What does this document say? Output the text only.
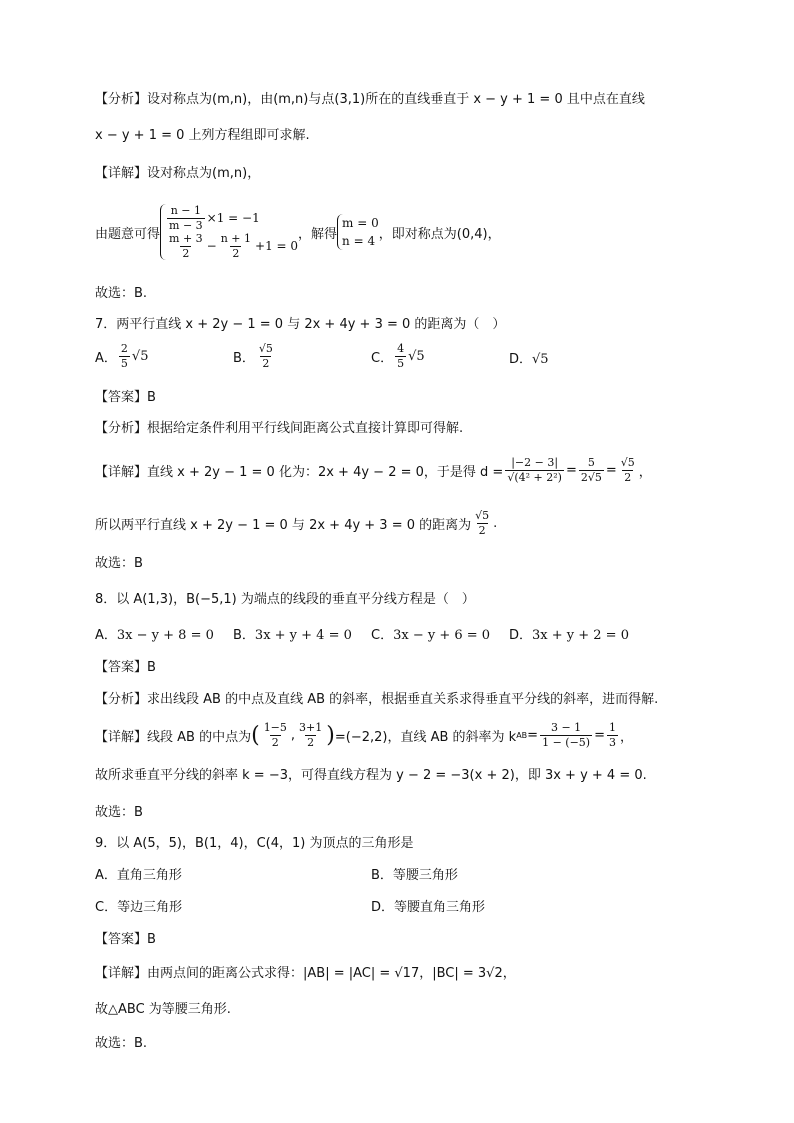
【分析】设对称点为(m,n)，由(m,n)与点(3,1)所在的直线垂直于 x − y + 1 = 0 且中点在直线
x − y + 1 = 0 上列方程组即可求解.
【详解】设对称点为(m,n)，
由题意可得
$\frac{n - 1}{m - 3} \times 1 = -1$
$\frac{m + 3}{2} - \frac{n + 1}{2} +1 = 0$
，解得
m = 0
n = 4 ，即对称点为(0,4)，
故选：B.
7．两平行直线 x + 2y − 1 = 0 与 2x + 4y + 3 = 0 的距离为（　）
A． $\frac{2}{5} √5$	B． $\frac{√5}{2}$	C． $\frac{4}{5} √5$	D．√5
【答案】B
【分析】根据给定条件利用平行线间距离公式直接计算即可得解.
【详解】 直线 x + 2y − 1 = 0 化为：2x + 4y − 2 = 0，于是得 $d = \frac{|-2 - 3|}{\text{√(4² + 2²)}} = \frac{5}{2√5} = \frac{√5}{2}$ ，
所以两平行直线 x + 2y − 1 = 0 与 2x + 4y + 3 = 0 的距离为 $\frac{√5}{2}$ .
故选：B
8．以 A(1,3)，B(−5,1) 为端点的线段的垂直平分线方程是（　）
A．3x − y + 8 = 0 B．3x + y + 4 = 0 C．3x − y + 6 = 0 D．3x + y + 2 = 0
【答案】B
【分析】求出线段 AB 的中点及直线 AB 的斜率，根据垂直关系求得垂直平分线的斜率，进而得解.
【详解】 线段 AB 的中点为 ( $\frac{1-5}{2}$ , $\frac{3+1}{2}$ ) =(−2,2)，直线 AB 的斜率为 k AB = $\frac{3 - 1}{1 - (-5)} = \frac{1}{3}$ ，
故所求垂直平分线的斜率 k = −3，可得直线方程为 y − 2 = −3(x + 2)，即 3x + y + 4 = 0.
故选：B
9．以 A(5，5)，B(1，4)，C(4，1) 为顶点的三角形是
A．直角三角形	B．等腰三角形
C．等边三角形	D．等腰直角三角形
【答案】B
【详解】由两点间的距离公式求得：|AB| = |AC| = √17，|BC| = 3√2，
故△ABC 为等腰三角形.
故选：B.
